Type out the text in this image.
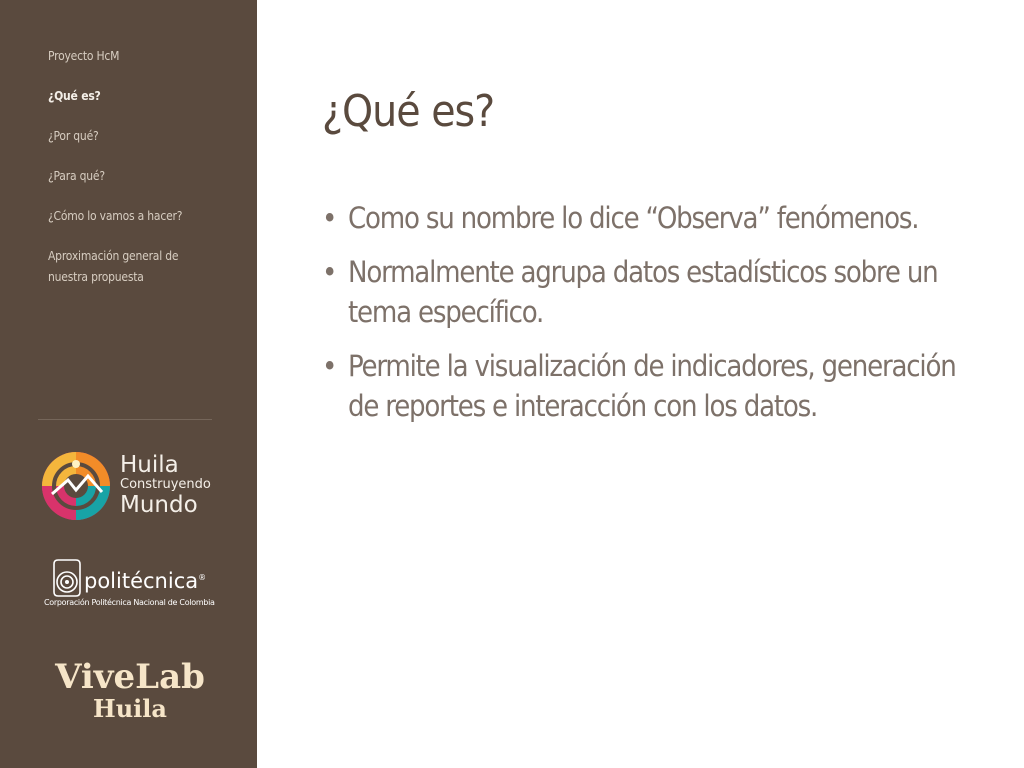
Proyecto HcM
¿Qué es?
¿Por qué?
¿Para qué?
¿Cómo lo vamos a hacer?
Aproximación general de nuestra propuesta
Huila
Construyendo
Mundo
politécnica®
Corporación Politécnica Nacional de Colombia
ViveLab
Huila
¿Qué es?
• Como su nombre lo dice “Observa” fenómenos.
• Normalmente agrupa datos estadísticos sobre un tema específico.
• Permite la visualización de indicadores, generación de reportes e interacción con los datos.
